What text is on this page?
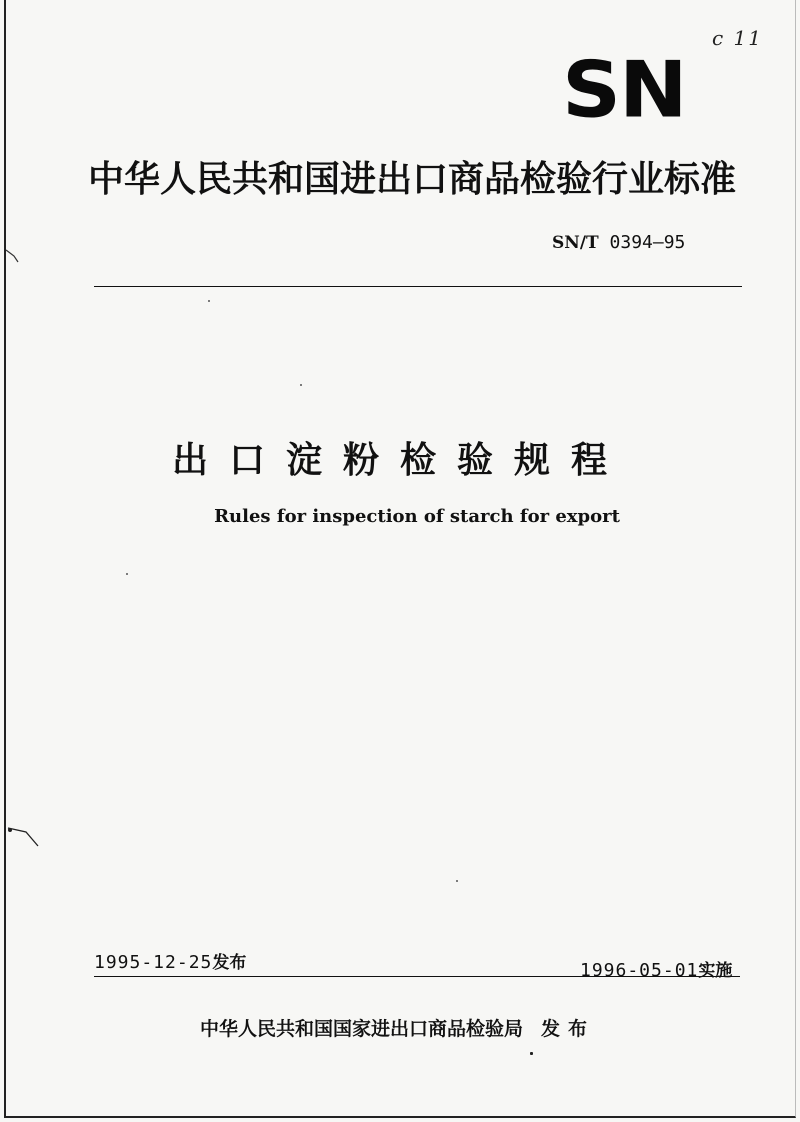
c 11
SN
中华人民共和国进出口商品检验行业标准
SN/T 0394—95
出口淀粉检验规程
Rules for inspection of starch for export
1995-12-25发布	1996-05-01实施
中华人民共和国国家进出口商品检验局 发布
